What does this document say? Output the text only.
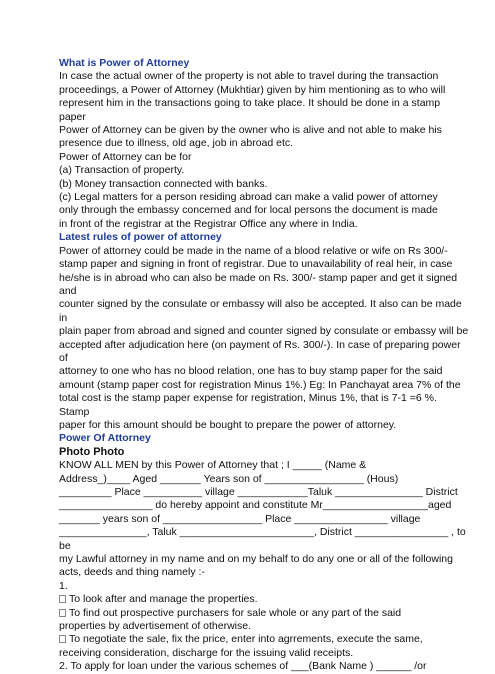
What is Power of Attorney
In case the actual owner of the property is not able to travel during the transaction
proceedings, a Power of Attorney (Mukhtiar) given by him mentioning as to who will
represent him in the transactions going to take place. It should be done in a stamp
paper
Power of Attorney can be given by the owner who is alive and not able to make his
presence due to illness, old age, job in abroad etc.
Power of Attorney can be for
(a) Transaction of property.
(b) Money transaction connected with banks.
(c) Legal matters for a person residing abroad can make a valid power of attorney
only through the embassy concerned and for local persons the document is made
in front of the registrar at the Registrar Office any where in India.
Latest rules of power of attorney
Power of attorney could be made in the name of a blood relative or wife on Rs 300/-
stamp paper and signing in front of registrar. Due to unavailability of real heir, in case
he/she is in abroad who can also be made on Rs. 300/- stamp paper and get it signed
and
counter signed by the consulate or embassy will also be accepted. It also can be made
in
plain paper from abroad and signed and counter signed by consulate or embassy will be
accepted after adjudication here (on payment of Rs. 300/-). In case of preparing power
of
attorney to one who has no blood relation, one has to buy stamp paper for the said
amount (stamp paper cost for registration Minus 1%.) Eg: In Panchayat area 7% of the
total cost is the stamp paper expense for registration, Minus 1%, that is 7-1 =6 %.
Stamp
paper for this amount should be bought to prepare the power of attorney.
Power Of Attorney
Photo Photo
KNOW ALL MEN by this Power of Attorney that ; I _____ (Name &
Address_)____ Aged _______ Years son of _________________ (Hous)
_________ Place __________ village ____________Taluk _______________ District
________________ do hereby appoint and constitute Mr__________________aged
_______ years son of _________________ Place ________________ village
_______________, Taluk _______________________, District ________________ , to
be
my Lawful attorney in my name and on my behalf to do any one or all of the following
acts, deeds and thing namely :-
1.
To look after and manage the properties.
To find out prospective purchasers for sale whole or any part of the said
properties by advertisement of otherwise.
To negotiate the sale, fix the price, enter into agrrements, execute the same,
receiving consideration, discharge for the issuing valid receipts.
2. To apply for loan under the various schemes of ___(Bank Name ) ______ /or
